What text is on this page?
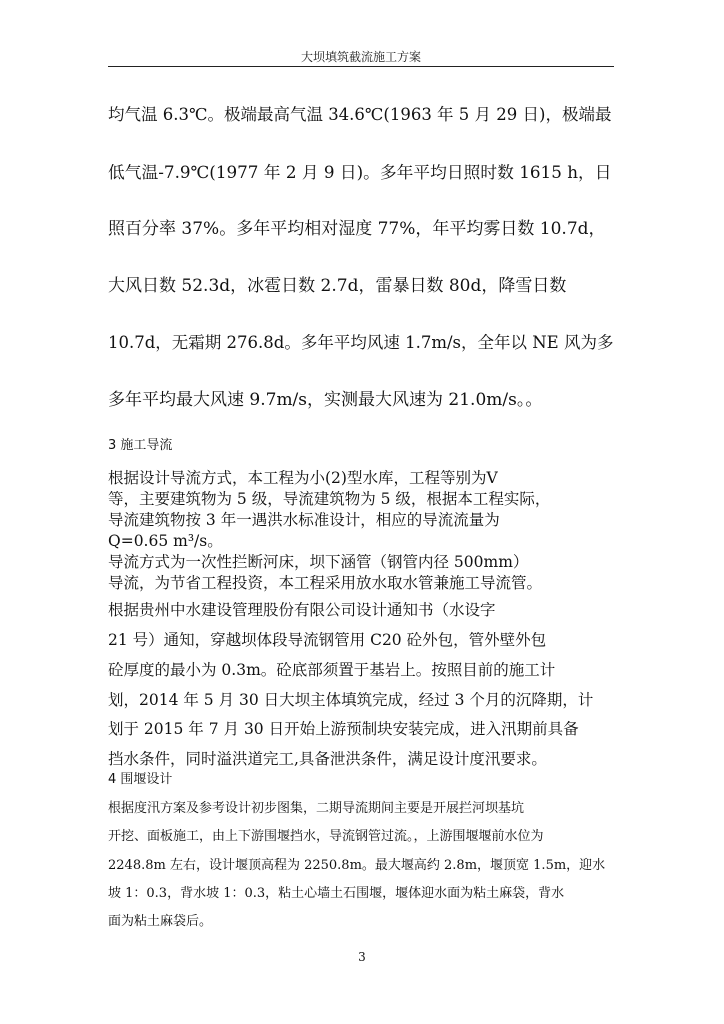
大坝填筑截流施工方案
均气温 6.3℃。极端最高气温 34.6℃(1963 年 5 月 29 日)，极端最
低气温-7.9℃(1977 年 2 月 9 日)。多年平均日照时数 1615 h，日
照百分率 37%。多年平均相对湿度 77%，年平均雾日数 10.7d，
大风日数 52.3d，冰雹日数 2.7d，雷暴日数 80d，降雪日数
10.7d，无霜期 276.8d。多年平均风速 1.7m/s，全年以 NE 风为多
多年平均最大风速 9.7m/s，实测最大风速为 21.0m/s。。
3 施工导流
根据设计导流方式，本工程为小(2)型水库，工程等别为Ⅴ
等，主要建筑物为 5 级，导流建筑物为 5 级，根据本工程实际，
导流建筑物按 3 年一遇洪水标准设计，相应的导流流量为
Q=0.65 m³/s。
导流方式为一次性拦断河床，坝下涵管（钢管内径 500mm）
导流，为节省工程投资，本工程采用放水取水管兼施工导流管。
根据贵州中水建设管理股份有限公司设计通知书（水设字
21 号）通知，穿越坝体段导流钢管用 C20 砼外包，管外壁外包
砼厚度的最小为 0.3m。砼底部须置于基岩上。按照目前的施工计
划，2014 年 5 月 30 日大坝主体填筑完成，经过 3 个月的沉降期，计
划于 2015 年 7 月 30 日开始上游预制块安装完成，进入汛期前具备
挡水条件，同时溢洪道完工,具备泄洪条件，满足设计度汛要求。
4 围堰设计
根据度汛方案及参考设计初步图集，二期导流期间主要是开展拦河坝基坑
开挖、面板施工，由上下游围堰挡水，导流钢管过流。，上游围堰堰前水位为
2248.8m 左右，设计堰顶高程为 2250.8m。最大堰高约 2.8m，堰顶宽 1.5m，迎水
坡 1：0.3，背水坡 1：0.3，粘土心墙土石围堰，堰体迎水面为粘土麻袋，背水
面为粘土麻袋后。
3
